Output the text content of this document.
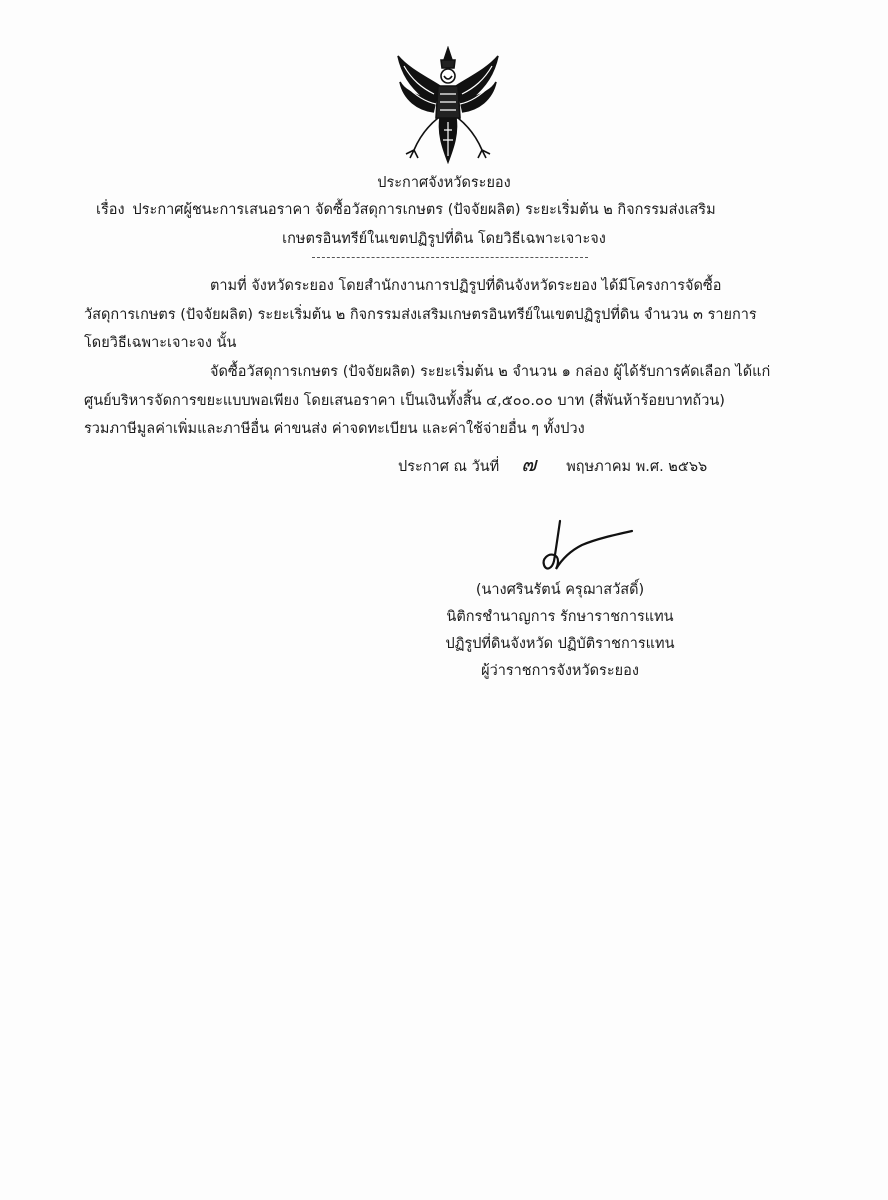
ประกาศจังหวัดระยอง
เรื่อง ประกาศผู้ชนะการเสนอราคา จัดซื้อวัสดุการเกษตร (ปัจจัยผลิต) ระยะเริ่มต้น ๒ กิจกรรมส่งเสริม
เกษตรอินทรีย์ในเขตปฏิรูปที่ดิน โดยวิธีเฉพาะเจาะจง
ตามที่ จังหวัดระยอง โดยสำนักงานการปฏิรูปที่ดินจังหวัดระยอง ได้มีโครงการจัดซื้อ
วัสดุการเกษตร (ปัจจัยผลิต) ระยะเริ่มต้น ๒ กิจกรรมส่งเสริมเกษตรอินทรีย์ในเขตปฏิรูปที่ดิน จำนวน ๓ รายการ
โดยวิธีเฉพาะเจาะจง นั้น
จัดซื้อวัสดุการเกษตร (ปัจจัยผลิต) ระยะเริ่มต้น ๒ จำนวน ๑ กล่อง ผู้ได้รับการคัดเลือก ได้แก่
ศูนย์บริหารจัดการขยะแบบพอเพียง โดยเสนอราคา เป็นเงินทั้งสิ้น ๔,๕๐๐.๐๐ บาท (สี่พันห้าร้อยบาทถ้วน)
รวมภาษีมูลค่าเพิ่มและภาษีอื่น ค่าขนส่ง ค่าจดทะเบียน และค่าใช้จ่ายอื่น ๆ ทั้งปวง
ประกาศ ณ วันที่ ๗ พฤษภาคม พ.ศ. ๒๕๖๖
(นางศรินรัตน์ ครุฌาสวัสดิ์)
นิติกรชำนาญการ รักษาราชการแทน
ปฏิรูปที่ดินจังหวัด ปฏิบัติราชการแทน
ผู้ว่าราชการจังหวัดระยอง
